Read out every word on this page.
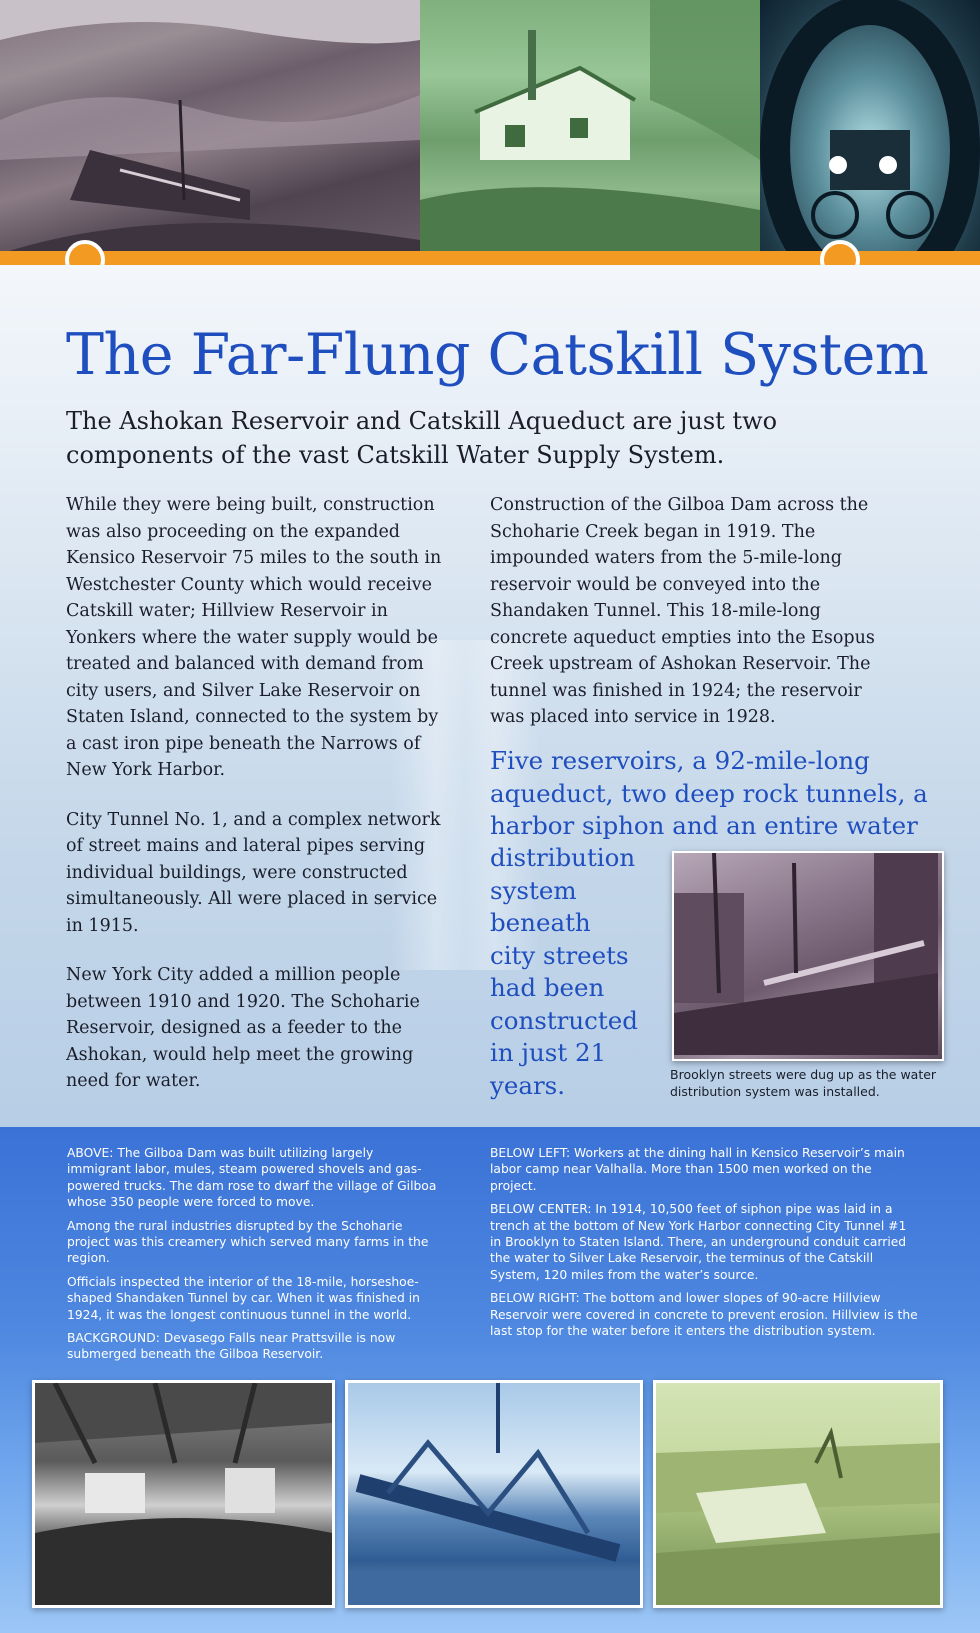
The Far-Flung Catskill System
The Ashokan Reservoir and Catskill Aqueduct are just two components of the vast Catskill Water Supply System.

While they were being built, construction was also proceeding on the expanded Kensico Reservoir 75 miles to the south in Westchester County which would receive Catskill water; Hillview Reservoir in Yonkers where the water supply would be treated and balanced with demand from city users, and Silver Lake Reservoir on Staten Island, connected to the system by a cast iron pipe beneath the Narrows of New York Harbor.

City Tunnel No. 1, and a complex network of street mains and lateral pipes serving individual buildings, were constructed simultaneously. All were placed in service in 1915.

New York City added a million people between 1910 and 1920. The Schoharie Reservoir, designed as a feeder to the Ashokan, would help meet the growing need for water.

Construction of the Gilboa Dam across the Schoharie Creek began in 1919. The impounded waters from the 5-mile-long reservoir would be conveyed into the Shandaken Tunnel. This 18-mile-long concrete aqueduct empties into the Esopus Creek upstream of Ashokan Reservoir. The tunnel was finished in 1924; the reservoir was placed into service in 1928.

Five reservoirs, a 92-mile-long aqueduct, two deep rock tunnels, a harbor siphon and an entire water
distribution system beneath city streets had been constructed in just 21 years.	Brooklyn streets were dug up as the water distribution system was installed.

ABOVE: The Gilboa Dam was built utilizing largely immigrant labor, mules, steam powered shovels and gas-powered trucks. The dam rose to dwarf the village of Gilboa whose 350 people were forced to move.

Among the rural industries disrupted by the Schoharie project was this creamery which served many farms in the region.

Officials inspected the interior of the 18-mile, horseshoe-shaped Shandaken Tunnel by car. When it was finished in 1924, it was the longest continuous tunnel in the world.

BACKGROUND: Devasego Falls near Prattsville is now submerged beneath the Gilboa Reservoir.

BELOW LEFT: Workers at the dining hall in Kensico Reservoir’s main labor camp near Valhalla. More than 1500 men worked on the project.

BELOW CENTER: In 1914, 10,500 feet of siphon pipe was laid in a trench at the bottom of New York Harbor connecting City Tunnel #1 in Brooklyn to Staten Island. There, an underground conduit carried the water to Silver Lake Reservoir, the terminus of the Catskill System, 120 miles from the water’s source.

BELOW RIGHT: The bottom and lower slopes of 90-acre Hillview Reservoir were covered in concrete to prevent erosion. Hillview is the last stop for the water before it enters the distribution system.
